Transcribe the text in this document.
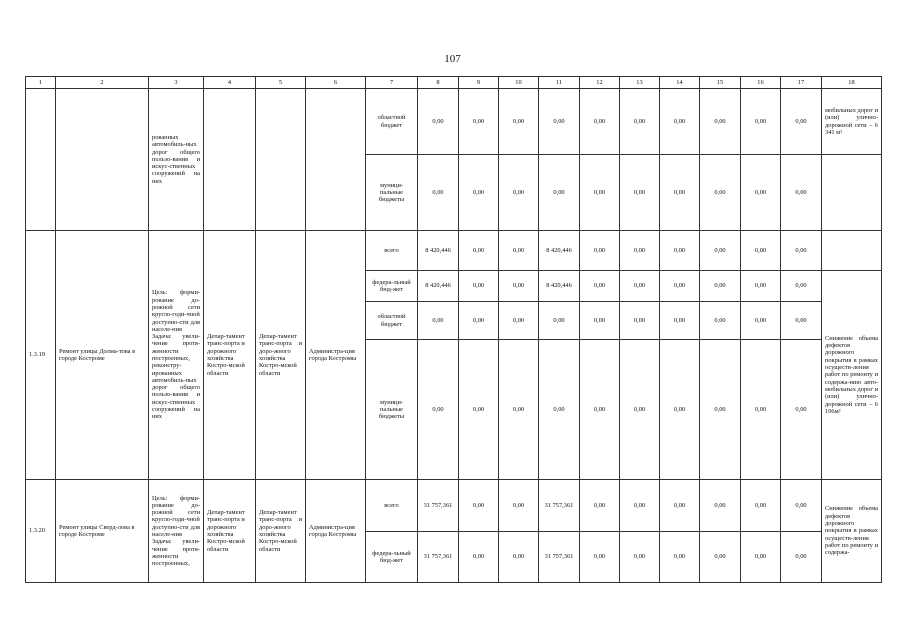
107
1	2	3	4	5	6	7	8	9	10	11	12	13	14	15	16	17	18
		рованных автомобиль-ных дорог общего пользо-вания и искус-ственных сооружений на них				областной бюджет	0,00	0,00	0,00	0,00	0,00	0,00	0,00	0,00	0,00	0,00	мобильных дорог и (или) улично-дорожной сети – 6 341 м²
						муници-пальные бюджеты	0,00	0,00	0,00	0,00	0,00	0,00	0,00	0,00	0,00	0,00	
1.3.19	Ремонт улицы Долма-това в городе Костроме	Цель: форми-рование до-рожной сети кругло-годи-чной доступно-сти для населе-ния Задача: увели-чение протя-женности построенных, реконстру-ированных автомобиль-ных дорог общего пользо-вания и искус-ственных сооружений на них	Депар-тамент транс-порта и дорожного хозяйства Костро-мской области	Депар-тамент транс-порта и доро-жного хозяйства Костро-мской области	Администра-ция города Костромы	всего	8 420,446	0,00	0,00	8 420,446	0,00	0,00	0,00	0,00	0,00	0,00	
						федера-льный бюд-жет	8 420,446	0,00	0,00	8 420,446	0,00	0,00	0,00	0,00	0,00	0,00	Снижение объема дефектов дорожного покрытия в рамках осуществ-ления работ по ремонту и содержа-нию авто-мобильных дорог и (или) улично-дорожной сети – 6 106м²
						областной бюджет	0,00	0,00	0,00	0,00	0,00	0,00	0,00	0,00	0,00	0,00	
						муници-пальные бюджеты	0,00	0,00	0,00	0,00	0,00	0,00	0,00	0,00	0,00	0,00	
1.3.20	Ремонт улицы Сверд-лова в городе Костроме	Цель: форми-рование до-рожной сети кругло-годи-чной доступно-сти для населе-ния Задача: увели-чение протя-женности построенных,	Депар-тамент транс-порта и дорожного хозяйства Костро-мской области	Депар-тамент транс-порта и доро-жного хозяйства Костро-мской области	Администра-ция города Костромы	всего	31 757,361	0,00	0,00	31 757,361	0,00	0,00	0,00	0,00	0,00	0,00	Снижение объема дефектов дорожного покрытия в рамках осуществ-ления работ по ремонту и содержа-
						федера-льный бюд-жет	31 757,361	0,00	0,00	31 757,361	0,00	0,00	0,00	0,00	0,00	0,00	
